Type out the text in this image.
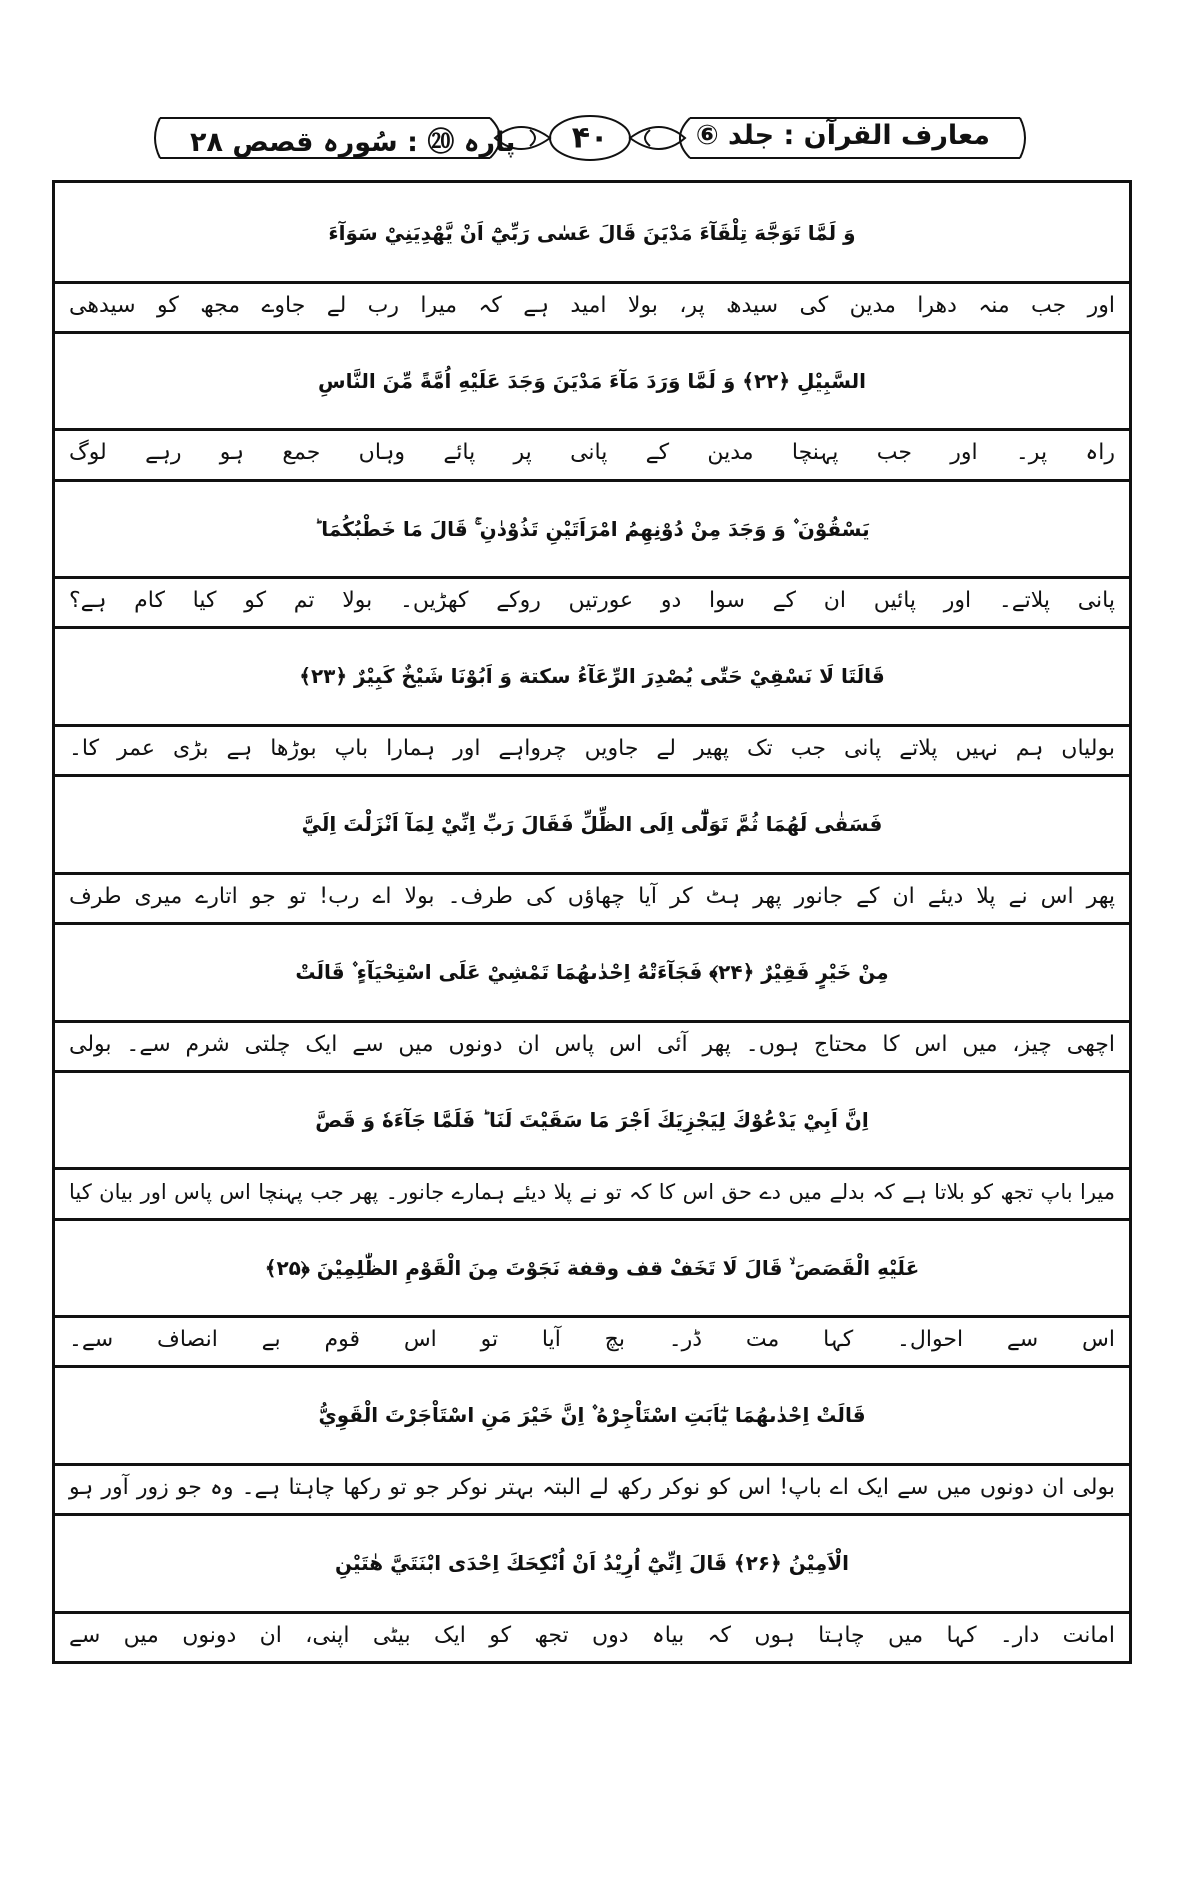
معارف القرآن : جلد ⑥
پارہ ⑳ : سُورہ قصص ۲۸ ۴۰
وَ لَمَّا تَوَجَّهَ تِلْقَآءَ مَدْيَنَ قَالَ عَسٰى رَبِّيْٓ اَنْ يَّهْدِيَنِيْ سَوَآءَ
اور جب منہ دھرا مدین کی سیدھ پر، بولا امید ہے کہ میرا رب لے جاوے مجھ کو سیدھی
السَّبِيْلِ ﴿۲۲﴾ وَ لَمَّا وَرَدَ مَآءَ مَدْيَنَ وَجَدَ عَلَيْهِ اُمَّةً مِّنَ النَّاسِ
راہ پر۔ اور جب پہنچا مدین کے پانی پر پائے وہاں جمع ہو رہے لوگ
يَسْقُوْنَ ۫ وَ وَجَدَ مِنْ دُوْنِهِمُ امْرَاَتَيْنِ تَذُوْدٰنِ ۚ قَالَ مَا خَطْبُكُمَا ؕ
پانی پلاتے۔ اور پائیں ان کے سوا دو عورتیں روکے کھڑیں۔ بولا تم کو کیا کام ہے؟
قَالَتَا لَا نَسْقِيْ حَتّٰى يُصْدِرَ الرِّعَآءُ سکتة وَ اَبُوْنَا شَيْخٌ كَبِيْرٌ ﴿۲۳﴾
بولیاں ہم نہیں پلاتے پانی جب تک پھیر لے جاویں چرواہے اور ہمارا باپ بوڑھا ہے بڑی عمر کا۔
فَسَقٰى لَهُمَا ثُمَّ تَوَلّٰٓى اِلَى الظِّلِّ فَقَالَ رَبِّ اِنِّيْ لِمَآ اَنْزَلْتَ اِلَيَّ
پھر اس نے پلا دیئے ان کے جانور پھر ہٹ کر آیا چھاؤں کی طرف۔ بولا اے رب! تو جو اتارے میری طرف
مِنْ خَيْرٍ فَقِيْرٌ ﴿۲۴﴾ فَجَآءَتْهُ اِحْدٰىهُمَا تَمْشِيْ عَلَى اسْتِحْيَآءٍ ۫ قَالَتْ
اچھی چیز، میں اس کا محتاج ہوں۔ پھر آئی اس پاس ان دونوں میں سے ایک چلتی شرم سے۔ بولی
اِنَّ اَبِيْ يَدْعُوْكَ لِيَجْزِيَكَ اَجْرَ مَا سَقَيْتَ لَنَا ؕ فَلَمَّا جَآءَهٗ وَ قَصَّ
میرا باپ تجھ کو بلاتا ہے کہ بدلے میں دے حق اس کا کہ تو نے پلا دیئے ہمارے جانور۔ پھر جب پہنچا اس پاس اور بیان کیا
عَلَيْهِ الْقَصَصَ ۙ قَالَ لَا تَخَفْ قف وقفة نَجَوْتَ مِنَ الْقَوْمِ الظّٰلِمِيْنَ ﴿۲۵﴾
اس سے احوال۔ کہا مت ڈر۔ بچ آیا تو اس قوم بے انصاف سے۔
قَالَتْ اِحْدٰىهُمَا يٰٓاَبَتِ اسْتَاْجِرْهُ ۫ اِنَّ خَيْرَ مَنِ اسْتَاْجَرْتَ الْقَوِيُّ
بولی ان دونوں میں سے ایک اے باپ! اس کو نوکر رکھ لے البتہ بہتر نوکر جو تو رکھا چاہتا ہے۔ وہ جو زور آور ہو
الْاَمِيْنُ ﴿۲۶﴾ قَالَ اِنِّيْٓ اُرِيْدُ اَنْ اُنْكِحَكَ اِحْدَى ابْنَتَيَّ هٰتَيْنِ
امانت دار۔ کہا میں چاہتا ہوں کہ بیاہ دوں تجھ کو ایک بیٹی اپنی، ان دونوں میں سے
